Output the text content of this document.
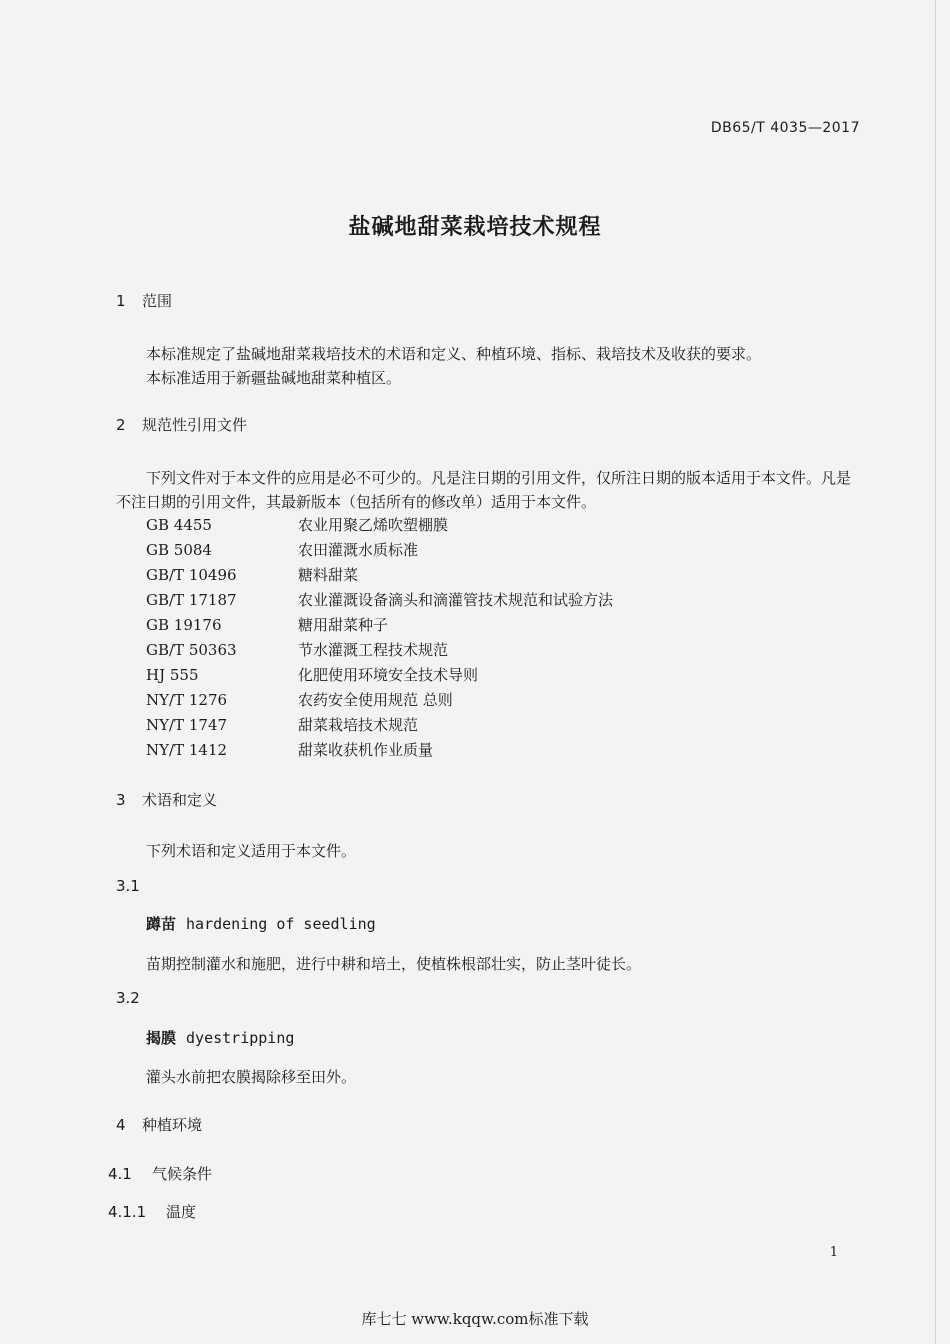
DB65/T 4035—2017
盐碱地甜菜栽培技术规程
1 范围
本标准规定了盐碱地甜菜栽培技术的术语和定义、种植环境、指标、栽培技术及收获的要求。
本标准适用于新疆盐碱地甜菜种植区。
2 规范性引用文件
下列文件对于本文件的应用是必不可少的。凡是注日期的引用文件，仅所注日期的版本适用于本文件。凡是不注日期的引用文件，其最新版本（包括所有的修改单）适用于本文件。
GB 4455	农业用聚乙烯吹塑棚膜
GB 5084	农田灌溉水质标准
GB/T 10496	糖料甜菜
GB/T 17187	农业灌溉设备滴头和滴灌管技术规范和试验方法
GB 19176	糖用甜菜种子
GB/T 50363	节水灌溉工程技术规范
HJ 555	化肥使用环境安全技术导则
NY/T 1276	农药安全使用规范 总则
NY/T 1747	甜菜栽培技术规范
NY/T 1412	甜菜收获机作业质量
3 术语和定义
下列术语和定义适用于本文件。
3.1
蹲苗 hardening of seedling
苗期控制灌水和施肥，进行中耕和培土，使植株根部壮实，防止茎叶徒长。
3.2
揭膜 dyestripping
灌头水前把农膜揭除移至田外。
4 种植环境
4.1 气候条件
4.1.1 温度
1
库七七 www.kqqw.com标准下载
